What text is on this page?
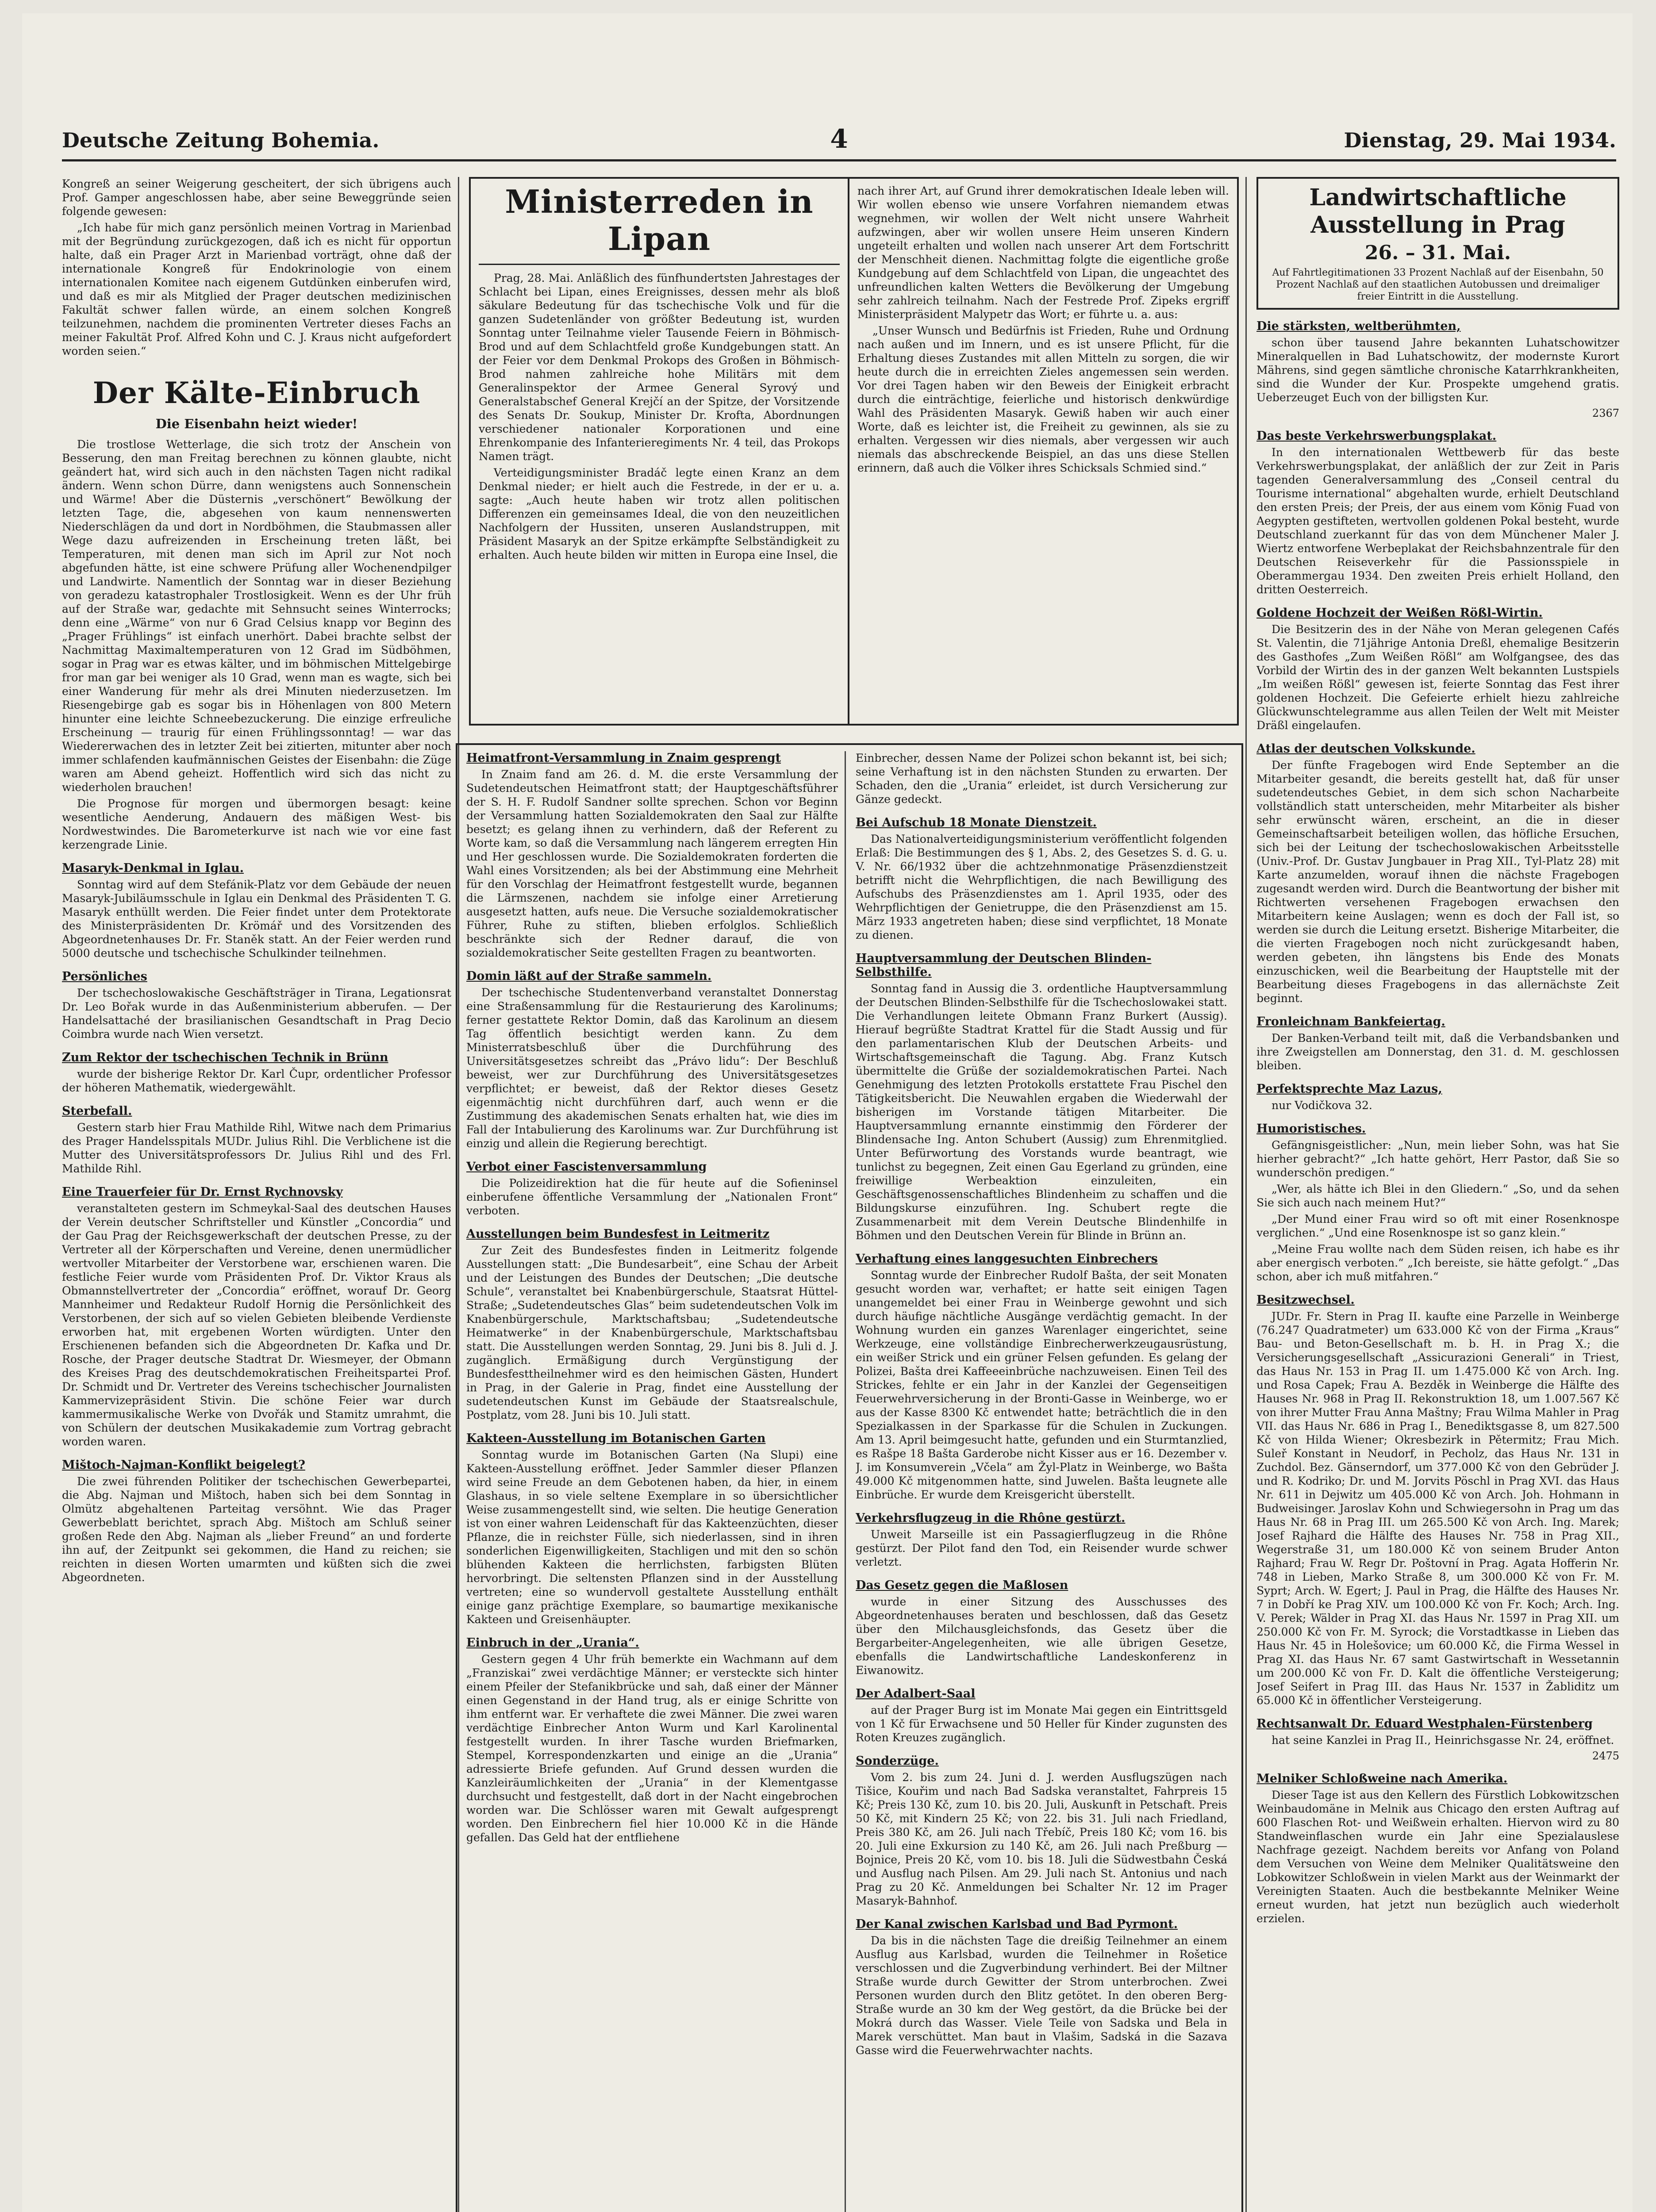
Deutsche Zeitung Bohemia.	4	Dienstag, 29. Mai 1934.

Kongreß an seiner Weigerung gescheitert, der sich übrigens auch Prof. Gamper angeschlossen habe, aber seine Beweggründe seien folgende gewesen:

„Ich habe für mich ganz persönlich meinen Vortrag in Marienbad mit der Begründung zurückgezogen, daß ich es nicht für opportun halte, daß ein Prager Arzt in Marienbad vorträgt, ohne daß der internationale Kongreß für Endokrinologie von einem internationalen Komitee nach eigenem Gutdünken einberufen wird, und daß es mir als Mitglied der Prager deutschen medizinischen Fakultät schwer fallen würde, an einem solchen Kongreß teilzunehmen, nachdem die prominenten Vertreter dieses Fachs an meiner Fakultät Prof. Alfred Kohn und C. J. Kraus nicht aufgefordert worden seien.“

Der Kälte-Einbruch
Die Eisenbahn heizt wieder!

Die trostlose Wetterlage, die sich trotz der Anschein von Besserung, den man Freitag berechnen zu können glaubte, nicht geändert hat, wird sich auch in den nächsten Tagen nicht radikal ändern. Wenn schon Dürre, dann wenigstens auch Sonnenschein und Wärme! Aber die Düsternis „verschönert“ Bewölkung der letzten Tage, die, abgesehen von kaum nennenswerten Niederschlägen da und dort in Nordböhmen, die Staubmassen aller Wege dazu aufreizenden in Erscheinung treten läßt, bei Temperaturen, mit denen man sich im April zur Not noch abgefunden hätte, ist eine schwere Prüfung aller Wochenendpilger und Landwirte. Namentlich der Sonntag war in dieser Beziehung von geradezu katastrophaler Trostlosigkeit. Wenn es der Uhr früh auf der Straße war, gedachte mit Sehnsucht seines Winterrocks; denn eine „Wärme“ von nur 6 Grad Celsius knapp vor Beginn des „Prager Frühlings“ ist einfach unerhört. Dabei brachte selbst der Nachmittag Maximaltemperaturen von 12 Grad im Südböhmen, sogar in Prag war es etwas kälter, und im böhmischen Mittelgebirge fror man gar bei weniger als 10 Grad, wenn man es wagte, sich bei einer Wanderung für mehr als drei Minuten niederzusetzen. Im Riesengebirge gab es sogar bis in Höhenlagen von 800 Metern hinunter eine leichte Schneebezuckerung. Die einzige erfreuliche Erscheinung — traurig für einen Frühlingssonntag! — war das Wiedererwachen des in letzter Zeit bei zitierten, mitunter aber noch immer schlafenden kaufmännischen Geistes der Eisenbahn: die Züge waren am Abend geheizt. Hoffentlich wird sich das nicht zu wiederholen brauchen!

Die Prognose für morgen und übermorgen besagt: keine wesentliche Aenderung, Andauern des mäßigen West- bis Nordwestwindes. Die Barometerkurve ist nach wie vor eine fast kerzengrade Linie.

Masaryk-Denkmal in Iglau.

Sonntag wird auf dem Stefánik-Platz vor dem Gebäude der neuen Masaryk-Jubiläumsschule in Iglau ein Denkmal des Präsidenten T. G. Masaryk enthüllt werden. Die Feier findet unter dem Protektorate des Ministerpräsidenten Dr. Krömář und des Vorsitzenden des Abgeordnetenhauses Dr. Fr. Staněk statt. An der Feier werden rund 5000 deutsche und tschechische Schulkinder teilnehmen.

Persönliches

Der tschechoslowakische Geschäftsträger in Tirana, Legationsrat Dr. Leo Bořak wurde in das Außenministerium abberufen. — Der Handelsattaché der brasilianischen Gesandtschaft in Prag Decio Coimbra wurde nach Wien versetzt.

Zum Rektor der tschechischen Technik in Brünn

wurde der bisherige Rektor Dr. Karl Čupr, ordentlicher Professor der höheren Mathematik, wiedergewählt.

Sterbefall.

Gestern starb hier Frau Mathilde Rihl, Witwe nach dem Primarius des Prager Handelsspitals MUDr. Julius Rihl. Die Verblichene ist die Mutter des Universitätsprofessors Dr. Julius Rihl und des Frl. Mathilde Rihl.

Eine Trauerfeier für Dr. Ernst Rychnovsky

veranstalteten gestern im Schmeykal-Saal des deutschen Hauses der Verein deutscher Schriftsteller und Künstler „Concordia“ und der Gau Prag der Reichsgewerkschaft der deutschen Presse, zu der Vertreter all der Körperschaften und Vereine, denen unermüdlicher wertvoller Mitarbeiter der Verstorbene war, erschienen waren. Die festliche Feier wurde vom Präsidenten Prof. Dr. Viktor Kraus als Obmannstellvertreter der „Concordia“ eröffnet, worauf Dr. Georg Mannheimer und Redakteur Rudolf Hornig die Persönlichkeit des Verstorbenen, der sich auf so vielen Gebieten bleibende Verdienste erworben hat, mit ergebenen Worten würdigten. Unter den Erschienenen befanden sich die Abgeordneten Dr. Kafka und Dr. Rosche, der Prager deutsche Stadtrat Dr. Wiesmeyer, der Obmann des Kreises Prag des deutschdemokratischen Freiheitspartei Prof. Dr. Schmidt und Dr. Vertreter des Vereins tschechischer Journalisten Kammervizepräsident Stivin. Die schöne Feier war durch kammermusikalische Werke von Dvořák und Stamitz umrahmt, die von Schülern der deutschen Musikakademie zum Vortrag gebracht worden waren.

Mištoch-Najman-Konflikt beigelegt?

Die zwei führenden Politiker der tschechischen Gewerbepartei, die Abg. Najman und Mištoch, haben sich bei dem Sonntag in Olmütz abgehaltenen Parteitag versöhnt. Wie das Prager Gewerbeblatt berichtet, sprach Abg. Mištoch am Schluß seiner großen Rede den Abg. Najman als „lieber Freund“ an und forderte ihn auf, der Zeitpunkt sei gekommen, die Hand zu reichen; sie reichten in diesen Worten umarmten und küßten sich die zwei Abgeordneten.

Ministerreden in Lipan

Prag, 28. Mai. Anläßlich des fünfhundertsten Jahrestages der Schlacht bei Lipan, eines Ereignisses, dessen mehr als bloß säkulare Bedeutung für das tschechische Volk und für die ganzen Sudetenländer von größter Bedeutung ist, wurden Sonntag unter Teilnahme vieler Tausende Feiern in Böhmisch-Brod und auf dem Schlachtfeld große Kundgebungen statt. An der Feier vor dem Denkmal Prokops des Großen in Böhmisch-Brod nahmen zahlreiche hohe Militärs mit dem Generalinspektor der Armee General Syrový und Generalstabschef General Krejčí an der Spitze, der Vorsitzende des Senats Dr. Soukup, Minister Dr. Krofta, Abordnungen verschiedener nationaler Korporationen und eine Ehrenkompanie des Infanterieregiments Nr. 4 teil, das Prokops Namen trägt.

Verteidigungsminister Bradáč legte einen Kranz an dem Denkmal nieder; er hielt auch die Festrede, in der er u. a. sagte: „Auch heute haben wir trotz allen politischen Differenzen ein gemeinsames Ideal, die von den neuzeitlichen Nachfolgern der Hussiten, unseren Auslandstruppen, mit Präsident Masaryk an der Spitze erkämpfte Selbständigkeit zu erhalten. Auch heute bilden wir mitten in Europa eine Insel, die

nach ihrer Art, auf Grund ihrer demokratischen Ideale leben will. Wir wollen ebenso wie unsere Vorfahren niemandem etwas wegnehmen, wir wollen der Welt nicht unsere Wahrheit aufzwingen, aber wir wollen unsere Heim unseren Kindern ungeteilt erhalten und wollen nach unserer Art dem Fortschritt der Menschheit dienen. Nachmittag folgte die eigentliche große Kundgebung auf dem Schlachtfeld von Lipan, die ungeachtet des unfreundlichen kalten Wetters die Bevölkerung der Umgebung sehr zahlreich teilnahm. Nach der Festrede Prof. Zipeks ergriff Ministerpräsident Malypetr das Wort; er führte u. a. aus:

„Unser Wunsch und Bedürfnis ist Frieden, Ruhe und Ordnung nach außen und im Innern, und es ist unsere Pflicht, für die Erhaltung dieses Zustandes mit allen Mitteln zu sorgen, die wir heute durch die in erreichten Zieles angemessen sein werden. Vor drei Tagen haben wir den Beweis der Einigkeit erbracht durch die einträchtige, feierliche und historisch denkwürdige Wahl des Präsidenten Masaryk. Gewiß haben wir auch einer Worte, daß es leichter ist, die Freiheit zu gewinnen, als sie zu erhalten. Vergessen wir dies niemals, aber vergessen wir auch niemals das abschreckende Beispiel, an das uns diese Stellen erinnern, daß auch die Völker ihres Schicksals Schmied sind.“

Heimatfront-Versammlung in Znaim gesprengt

In Znaim fand am 26. d. M. die erste Versammlung der Sudetendeutschen Heimatfront statt; der Hauptgeschäftsführer der S. H. F. Rudolf Sandner sollte sprechen. Schon vor Beginn der Versammlung hatten Sozialdemokraten den Saal zur Hälfte besetzt; es gelang ihnen zu verhindern, daß der Referent zu Worte kam, so daß die Versammlung nach längerem erregten Hin und Her geschlossen wurde. Die Sozialdemokraten forderten die Wahl eines Vorsitzenden; als bei der Abstimmung eine Mehrheit für den Vorschlag der Heimatfront festgestellt wurde, begannen die Lärmszenen, nachdem sie infolge einer Arretierung ausgesetzt hatten, aufs neue. Die Versuche sozialdemokratischer Führer, Ruhe zu stiften, blieben erfolglos. Schließlich beschränkte sich der Redner darauf, die von sozialdemokratischer Seite gestellten Fragen zu beantworten.

Domin läßt auf der Straße sammeln.

Der tschechische Studentenverband veranstaltet Donnerstag eine Straßensammlung für die Restaurierung des Karolinums; ferner gestattete Rektor Domin, daß das Karolinum an diesem Tag öffentlich besichtigt werden kann. Zu dem Ministerratsbeschluß über die Durchführung des Universitätsgesetzes schreibt das „Právo lidu“: Der Beschluß beweist, wer zur Durchführung des Universitätsgesetzes verpflichtet; er beweist, daß der Rektor dieses Gesetz eigenmächtig nicht durchführen darf, auch wenn er die Zustimmung des akademischen Senats erhalten hat, wie dies im Fall der Intabulierung des Karolinums war. Zur Durchführung ist einzig und allein die Regierung berechtigt.

Verbot einer Fascistenversammlung

Die Polizeidirektion hat die für heute auf die Sofieninsel einberufene öffentliche Versammlung der „Nationalen Front“ verboten.

Ausstellungen beim Bundesfest in Leitmeritz

Zur Zeit des Bundesfestes finden in Leitmeritz folgende Ausstellungen statt: „Die Bundesarbeit“, eine Schau der Arbeit und der Leistungen des Bundes der Deutschen; „Die deutsche Schule“, veranstaltet bei Knabenbürgerschule, Staatsrat Hüttel-Straße; „Sudetendeutsches Glas“ beim sudetendeutschen Volk im Knabenbürgerschule, Marktschaftsbau; „Sudetendeutsche Heimatwerke“ in der Knabenbürgerschule, Marktschaftsbau statt. Die Ausstellungen werden Sonntag, 29. Juni bis 8. Juli d. J. zugänglich. Ermäßigung durch Vergünstigung der Bundesfesttheilnehmer wird es den heimischen Gästen, Hundert in Prag, in der Galerie in Prag, findet eine Ausstellung der sudetendeutschen Kunst im Gebäude der Staatsrealschule, Postplatz, vom 28. Juni bis 10. Juli statt.

Kakteen-Ausstellung im Botanischen Garten

Sonntag wurde im Botanischen Garten (Na Slupi) eine Kakteen-Ausstellung eröffnet. Jeder Sammler dieser Pflanzen wird seine Freude an dem Gebotenen haben, da hier, in einem Glashaus, in so viele seltene Exemplare in so übersichtlicher Weise zusammengestellt sind, wie selten. Die heutige Generation ist von einer wahren Leidenschaft für das Kakteenzüchten, dieser Pflanze, die in reichster Fülle, sich niederlassen, sind in ihren sonderlichen Eigenwilligkeiten, Stachligen und mit den so schön blühenden Kakteen die herrlichsten, farbigsten Blüten hervorbringt. Die seltensten Pflanzen sind in der Ausstellung vertreten; eine so wundervoll gestaltete Ausstellung enthält einige ganz prächtige Exemplare, so baumartige mexikanische Kakteen und Greisenhäupter.

Einbruch in der „Urania“.

Gestern gegen 4 Uhr früh bemerkte ein Wachmann auf dem „Franziskai“ zwei verdächtige Männer; er versteckte sich hinter einem Pfeiler der Stefanikbrücke und sah, daß einer der Männer einen Gegenstand in der Hand trug, als er einige Schritte von ihm entfernt war. Er verhaftete die zwei Männer. Die zwei waren verdächtige Einbrecher Anton Wurm und Karl Karolinental festgestellt wurden. In ihrer Tasche wurden Briefmarken, Stempel, Korrespondenzkarten und einige an die „Urania“ adressierte Briefe gefunden. Auf Grund dessen wurden die Kanzleiräumlichkeiten der „Urania“ in der Klementgasse durchsucht und festgestellt, daß dort in der Nacht eingebrochen worden war. Die Schlösser waren mit Gewalt aufgesprengt worden. Den Einbrechern fiel hier 10.000 Kč in die Hände gefallen. Das Geld hat der entfliehene

Einbrecher, dessen Name der Polizei schon bekannt ist, bei sich; seine Verhaftung ist in den nächsten Stunden zu erwarten. Der Schaden, den die „Urania“ erleidet, ist durch Versicherung zur Gänze gedeckt.

Bei Aufschub 18 Monate Dienstzeit.

Das Nationalverteidigungsministerium veröffentlicht folgenden Erlaß: Die Bestimmungen des § 1, Abs. 2, des Gesetzes S. d. G. u. V. Nr. 66/1932 über die achtzehnmonatige Präsenzdienstzeit betrifft nicht die Wehrpflichtigen, die nach Bewilligung des Aufschubs des Präsenzdienstes am 1. April 1935, oder des Wehrpflichtigen der Genietruppe, die den Präsenzdienst am 15. März 1933 angetreten haben; diese sind verpflichtet, 18 Monate zu dienen.

Hauptversammlung der Deutschen Blinden-Selbsthilfe.

Sonntag fand in Aussig die 3. ordentliche Hauptversammlung der Deutschen Blinden-Selbsthilfe für die Tschechoslowakei statt. Die Verhandlungen leitete Obmann Franz Burkert (Aussig). Hierauf begrüßte Stadtrat Krattel für die Stadt Aussig und für den parlamentarischen Klub der Deutschen Arbeits- und Wirtschaftsgemeinschaft die Tagung. Abg. Franz Kutsch übermittelte die Grüße der sozialdemokratischen Partei. Nach Genehmigung des letzten Protokolls erstattete Frau Pischel den Tätigkeitsbericht. Die Neuwahlen ergaben die Wiederwahl der bisherigen im Vorstande tätigen Mitarbeiter. Die Hauptversammlung ernannte einstimmig den Förderer der Blindensache Ing. Anton Schubert (Aussig) zum Ehrenmitglied. Unter Befürwortung des Vorstands wurde beantragt, wie tunlichst zu begegnen, Zeit einen Gau Egerland zu gründen, eine freiwillige Werbeaktion einzuleiten, ein Geschäftsgenossenschaftliches Blindenheim zu schaffen und die Bildungskurse einzuführen. Ing. Schubert regte die Zusammenarbeit mit dem Verein Deutsche Blindenhilfe in Böhmen und den Deutschen Verein für Blinde in Brünn an.

Verhaftung eines langgesuchten Einbrechers

Sonntag wurde der Einbrecher Rudolf Bašta, der seit Monaten gesucht worden war, verhaftet; er hatte seit einigen Tagen unangemeldet bei einer Frau in Weinberge gewohnt und sich durch häufige nächtliche Ausgänge verdächtig gemacht. In der Wohnung wurden ein ganzes Warenlager eingerichtet, seine Werkzeuge, eine vollständige Einbrecherwerkzeugausrüstung, ein weißer Strick und ein grüner Felsen gefunden. Es gelang der Polizei, Bašta drei Kaffeeeinbrüche nachzuweisen. Einen Teil des Strickes, fehlte er ein Jahr in der Kanzlei der Gegenseitigen Feuerwehrversicherung in der Bronti-Gasse in Weinberge, wo er aus der Kasse 8300 Kč entwendet hatte; beträchtlich die in den Spezialkassen in der Sparkasse für die Schulen in Zuckungen. Am 13. April beimgesucht hatte, gefunden und ein Sturmtanzlied, es Rašpe 18 Bašta Garderobe nicht Kisser aus er 16. Dezember v. J. im Konsumverein „Včela“ am Žyl-Platz in Weinberge, wo Bašta 49.000 Kč mitgenommen hatte, sind Juwelen. Bašta leugnete alle Einbrüche. Er wurde dem Kreisgericht überstellt.

Verkehrsflugzeug in die Rhône gestürzt.

Unweit Marseille ist ein Passagierflugzeug in die Rhône gestürzt. Der Pilot fand den Tod, ein Reisender wurde schwer verletzt.

Das Gesetz gegen die Maßlosen

wurde in einer Sitzung des Ausschusses des Abgeordnetenhauses beraten und beschlossen, daß das Gesetz über den Milchausgleichsfonds, das Gesetz über die Bergarbeiter-Angelegenheiten, wie alle übrigen Gesetze, ebenfalls die Landwirtschaftliche Landeskonferenz in Eiwanowitz.

Der Adalbert-Saal

auf der Prager Burg ist im Monate Mai gegen ein Eintrittsgeld von 1 Kč für Erwachsene und 50 Heller für Kinder zugunsten des Roten Kreuzes zugänglich.

Sonderzüge.

Vom 2. bis zum 24. Juni d. J. werden Ausflugszügen nach Tišice, Kouřim und nach Bad Sadska veranstaltet, Fahrpreis 15 Kč; Preis 130 Kč, zum 10. bis 20. Juli, Auskunft in Petschaft. Preis 50 Kč, mit Kindern 25 Kč; von 22. bis 31. Juli nach Friedland, Preis 380 Kč, am 26. Juli nach Třebíč, Preis 180 Kč; vom 16. bis 20. Juli eine Exkursion zu 140 Kč, am 26. Juli nach Preßburg — Bojnice, Preis 20 Kč, vom 10. bis 18. Juli die Südwestbahn Česká und Ausflug nach Pilsen. Am 29. Juli nach St. Antonius und nach Prag zu 20 Kč. Anmeldungen bei Schalter Nr. 12 im Prager Masaryk-Bahnhof.

Der Kanal zwischen Karlsbad und Bad Pyrmont.

Da bis in die nächsten Tage die dreißig Teilnehmer an einem Ausflug aus Karlsbad, wurden die Teilnehmer in Rošetice verschlossen und die Zugverbindung verhindert. Bei der Miltner Straße wurde durch Gewitter der Strom unterbrochen. Zwei Personen wurden durch den Blitz getötet. In den oberen Berg-Straße wurde an 30 km der Weg gestört, da die Brücke bei der Mokrá durch das Wasser. Viele Teile von Sadska und Bela in Marek verschüttet. Man baut in Vlašim, Sadská in die Sazava Gasse wird die Feuerwehrwachter nachts.

Landwirtschaftliche Ausstellung in Prag
26. – 31. Mai.
Auf Fahrtlegitimationen 33 Prozent Nachlaß auf der Eisenbahn, 50 Prozent Nachlaß auf den staatlichen Autobussen und dreimaliger freier Eintritt in die Ausstellung.
Die stärksten, weltberühmten,

schon über tausend Jahre bekannten Luhatschowitzer Mineralquellen in Bad Luhatschowitz, der modernste Kurort Mährens, sind gegen sämtliche chronische Katarrhkrankheiten, sind die Wunder der Kur. Prospekte umgehend gratis. Ueberzeuget Euch von der billigsten Kur.

2367
Das beste Verkehrswerbungsplakat.

In den internationalen Wettbewerb für das beste Verkehrswerbungsplakat, der anläßlich der zur Zeit in Paris tagenden Generalversammlung des „Conseil central du Tourisme international“ abgehalten wurde, erhielt Deutschland den ersten Preis; der Preis, der aus einem vom König Fuad von Aegypten gestifteten, wertvollen goldenen Pokal besteht, wurde Deutschland zuerkannt für das von dem Münchener Maler J. Wiertz entworfene Werbeplakat der Reichsbahnzentrale für den Deutschen Reiseverkehr für die Passionsspiele in Oberammergau 1934. Den zweiten Preis erhielt Holland, den dritten Oesterreich.

Goldene Hochzeit der Weißen Rößl-Wirtin.

Die Besitzerin des in der Nähe von Meran gelegenen Cafés St. Valentin, die 71jährige Antonia Dreßl, ehemalige Besitzerin des Gasthofes „Zum Weißen Rößl“ am Wolfgangsee, des das Vorbild der Wirtin des in der ganzen Welt bekannten Lustspiels „Im weißen Rößl“ gewesen ist, feierte Sonntag das Fest ihrer goldenen Hochzeit. Die Gefeierte erhielt hiezu zahlreiche Glückwunschtelegramme aus allen Teilen der Welt mit Meister Dräßl eingelaufen.

Atlas der deutschen Volkskunde.

Der fünfte Fragebogen wird Ende September an die Mitarbeiter gesandt, die bereits gestellt hat, daß für unser sudetendeutsches Gebiet, in dem sich schon Nacharbeite vollständlich statt unterscheiden, mehr Mitarbeiter als bisher sehr erwünscht wären, erscheint, an die in dieser Gemeinschaftsarbeit beteiligen wollen, das höfliche Ersuchen, sich bei der Leitung der tschechoslowakischen Arbeitsstelle (Univ.-Prof. Dr. Gustav Jungbauer in Prag XII., Tyl-Platz 28) mit Karte anzumelden, worauf ihnen die nächste Fragebogen zugesandt werden wird. Durch die Beantwortung der bisher mit Richtwerten versehenen Fragebogen erwachsen den Mitarbeitern keine Auslagen; wenn es doch der Fall ist, so werden sie durch die Leitung ersetzt. Bisherige Mitarbeiter, die die vierten Fragebogen noch nicht zurückgesandt haben, werden gebeten, ihn längstens bis Ende des Monats einzuschicken, weil die Bearbeitung der Hauptstelle mit der Bearbeitung dieses Fragebogens in das allernächste Zeit beginnt.

Fronleichnam Bankfeiertag.

Der Banken-Verband teilt mit, daß die Verbandsbanken und ihre Zweigstellen am Donnerstag, den 31. d. M. geschlossen bleiben.

Perfektsprechte Maz Lazus,

nur Vodičkova 32.

Humoristisches.

Gefängnisgeistlicher: „Nun, mein lieber Sohn, was hat Sie hierher gebracht?“ „Ich hatte gehört, Herr Pastor, daß Sie so wunderschön predigen.“

„Wer, als hätte ich Blei in den Gliedern.“ „So, und da sehen Sie sich auch nach meinem Hut?“

„Der Mund einer Frau wird so oft mit einer Rosenknospe verglichen.“ „Und eine Rosenknospe ist so ganz klein.“

„Meine Frau wollte nach dem Süden reisen, ich habe es ihr aber energisch verboten.“ „Ich bereiste, sie hätte gefolgt.“ „Das schon, aber ich muß mitfahren.“

Besitzwechsel.

JUDr. Fr. Stern in Prag II. kaufte eine Parzelle in Weinberge (76.247 Quadratmeter) um 633.000 Kč von der Firma „Kraus“ Bau- und Beton-Gesellschaft m. b. H. in Prag X.; die Versicherungsgesellschaft „Assicurazioni Generali“ in Triest, das Haus Nr. 153 in Prag II. um 1.475.000 Kč von Arch. Ing. und Rosa Capek; Frau A. Bezděk in Weinberge die Hälfte des Hauses Nr. 968 in Prag II. Rekonstruktion 18, um 1.007.567 Kč von ihrer Mutter Frau Anna Maštny; Frau Wilma Mahler in Prag VII. das Haus Nr. 686 in Prag I., Benediktsgasse 8, um 827.500 Kč von Hilda Wiener; Okresbezirk in Pětermitz; Frau Mich. Suleř Konstant in Neudorf, in Pecholz, das Haus Nr. 131 in Zuchdol. Bez. Gänserndorf, um 377.000 Kč von den Gebrüder J. und R. Kodriko; Dr. und M. Jorvits Pöschl in Prag XVI. das Haus Nr. 611 in Dejwitz um 405.000 Kč von Arch. Joh. Hohmann in Budweisinger. Jaroslav Kohn und Schwiegersohn in Prag um das Haus Nr. 68 in Prag III. um 265.500 Kč von Arch. Ing. Marek; Josef Rajhard die Hälfte des Hauses Nr. 758 in Prag XII., Wegerstraße 31, um 180.000 Kč von seinem Bruder Anton Rajhard; Frau W. Regr Dr. Poštovní in Prag. Agata Hofferin Nr. 748 in Lieben, Marko Straße 8, um 300.000 Kč von Fr. M. Syprt; Arch. W. Egert; J. Paul in Prag, die Hälfte des Hauses Nr. 7 in Dobří ke Prag XIV. um 100.000 Kč von Fr. Koch; Arch. Ing. V. Perek; Wälder in Prag XI. das Haus Nr. 1597 in Prag XII. um 250.000 Kč von Fr. M. Syrock; die Vorstadtkasse in Lieben das Haus Nr. 45 in Holešovice; um 60.000 Kč, die Firma Wessel in Prag XI. das Haus Nr. 67 samt Gastwirtschaft in Wessetannin um 200.000 Kč von Fr. D. Kalt die öffentliche Versteigerung; Josef Seifert in Prag III. das Haus Nr. 1537 in Žabliditz um 65.000 Kč in öffentlicher Versteigerung.

Rechtsanwalt Dr. Eduard Westphalen-Fürstenberg

hat seine Kanzlei in Prag II., Heinrichsgasse Nr. 24, eröffnet.

2475
Melniker Schloßweine nach Amerika.

Dieser Tage ist aus den Kellern des Fürstlich Lobkowitzschen Weinbaudomäne in Melnik aus Chicago den ersten Auftrag auf 600 Flaschen Rot- und Weißwein erhalten. Hiervon wird zu 80 Standweinflaschen wurde ein Jahr eine Spezialauslese Nachfrage gezeigt. Nachdem bereits vor Anfang von Poland dem Versuchen von Weine dem Melniker Qualitätsweine den Lobkowitzer Schloßwein in vielen Markt aus der Weinmarkt der Vereinigten Staaten. Auch die bestbekannte Melniker Weine erneut wurden, hat jetzt nun bezüglich auch wiederholt erzielen.
